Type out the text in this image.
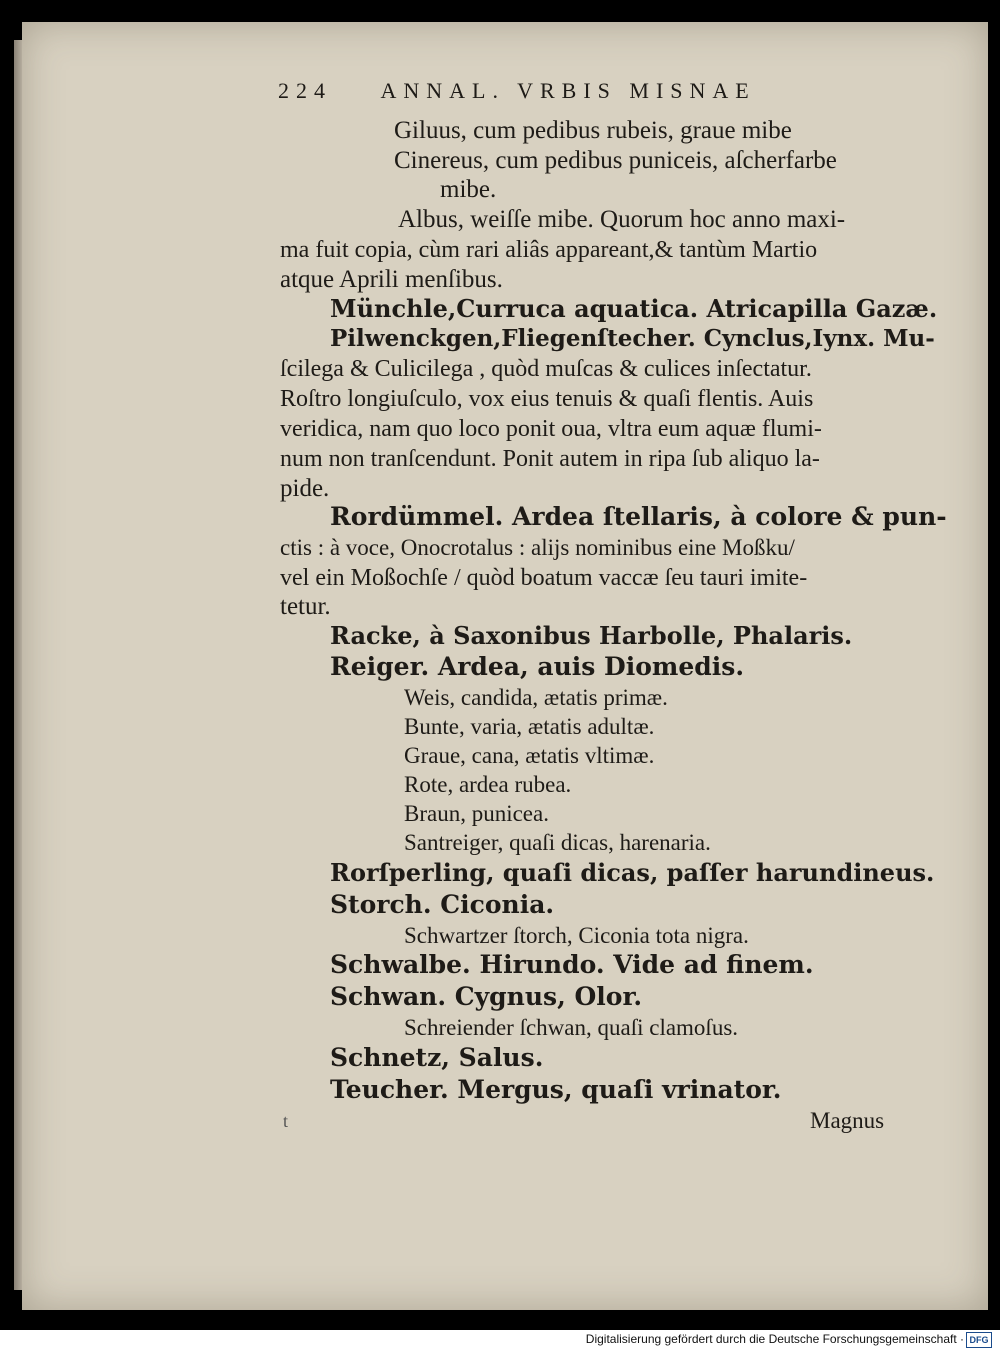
224 ANNAL. VRBIS MISNAE
Giluus, cum pedibus rubeis, graue mibe
Cinereus, cum pedibus puniceis, aſcherfarbe
mibe.
Albus, weiſſe mibe. Quorum hoc anno maxi-
ma fuit copia, cùm rari aliâs appareant,& tantùm Martio
atque Aprili menſibus.
Münchle,Curruca aquatica. Atricapilla Gazæ.
Pilwenckgen,Fliegenſtecher. Cynclus,Iynx. Mu-
ſcilega & Culicilega , quòd muſcas & culices inſectatur.
Roſtro longiuſculo, vox eius tenuis & quaſi flentis. Auis
veridica, nam quo loco ponit oua, vltra eum aquæ flumi-
num non tranſcendunt. Ponit autem in ripa ſub aliquo la-
pide.
Rordümmel. Ardea ſtellaris, à colore & pun-
ctis : à voce, Onocrotalus : alijs nominibus eine Moßku/
vel ein Moßochſe / quòd boatum vaccæ ſeu tauri imite-
tetur.
Racke, à Saxonibus Harbolle, Phalaris.
Reiger. Ardea, auis Diomedis.
Weis, candida, ætatis primæ.
Bunte, varia, ætatis adultæ.
Graue, cana, ætatis vltimæ.
Rote, ardea rubea.
Braun, punicea.
Santreiger, quaſi dicas, harenaria.
Rorſperling, quaſi dicas, paſſer harundineus.
Storch. Ciconia.
Schwartzer ſtorch, Ciconia tota nigra.
Schwalbe. Hirundo. Vide ad finem.
Schwan. Cygnus, Olor.
Schreiender ſchwan, quaſi clamoſus.
Schnetz, Salus.
Teucher. Mergus, quaſi vrinator.
Magnus
t
Digitalisierung gefördert durch die Deutsche Forschungsgemeinschaft · DFG
